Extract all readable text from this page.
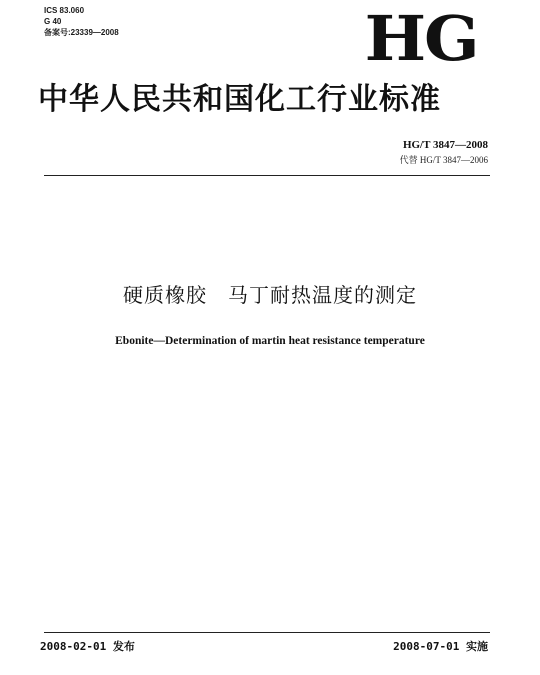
ICS 83.060
G 40
备案号:23339—2008	HG
中华人民共和国化工行业标准
HG/T 3847—2008
代替 HG/T 3847—2006
硬质橡胶　马丁耐热温度的测定
Ebonite—Determination of martin heat resistance temperature
2008-02-01 发布	2008-07-01 实施
